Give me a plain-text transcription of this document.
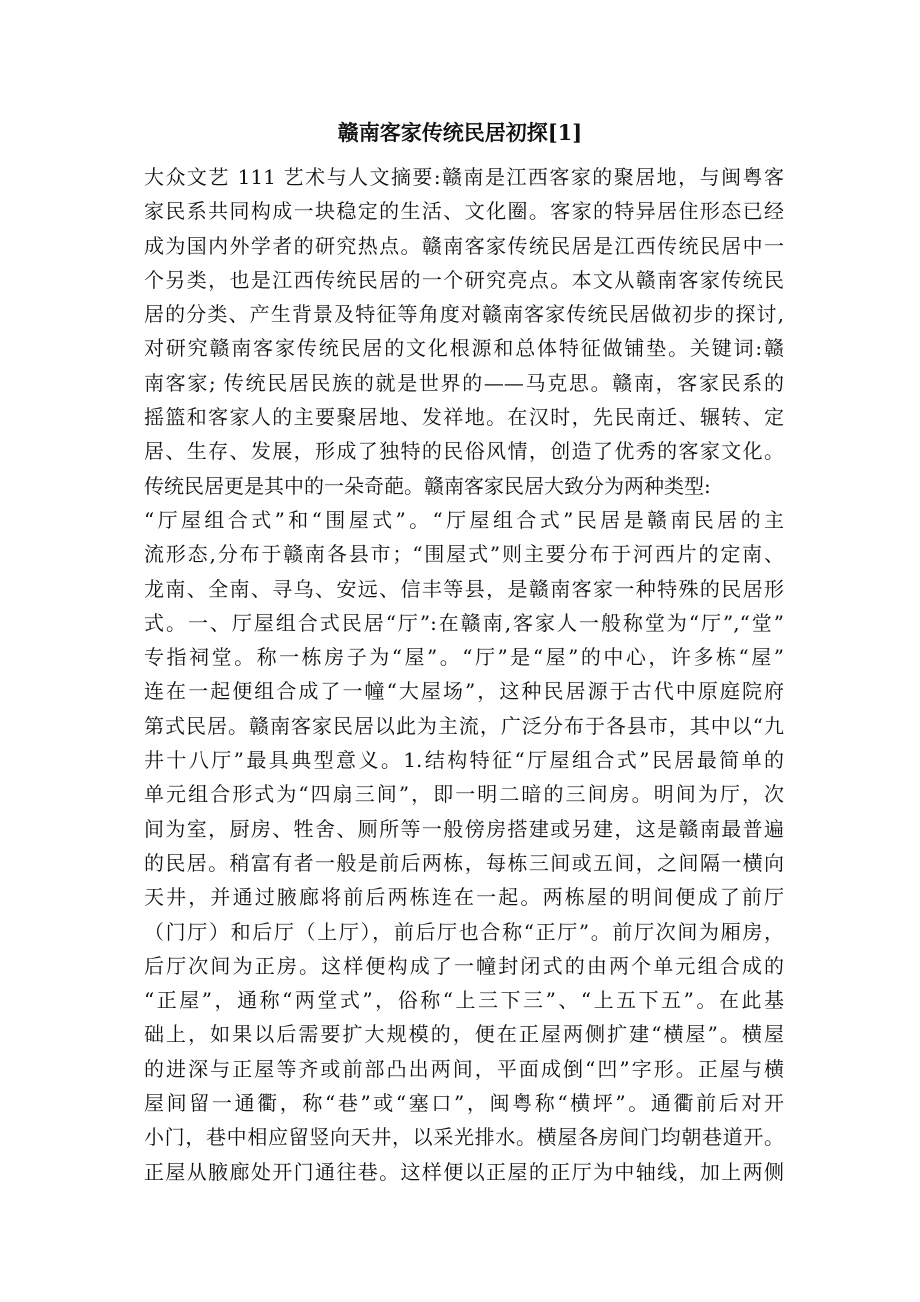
赣南客家传统民居初探[1]
大众文艺 111 艺术与人文摘要:赣南是江西客家的聚居地，与闽粤客
家民系共同构成一块稳定的生活、文化圈。客家的特异居住形态已经
成为国内外学者的研究热点。赣南客家传统民居是江西传统民居中一
个另类，也是江西传统民居的一个研究亮点。本文从赣南客家传统民
居的分类、产生背景及特征等角度对赣南客家传统民居做初步的探讨,
对研究赣南客家传统民居的文化根源和总体特征做铺垫。关键词:赣
南客家; 传统民居民族的就是世界的——马克思。赣南，客家民系的
摇篮和客家人的主要聚居地、发祥地。在汉时，先民南迁、辗转、定
居、生存、发展，形成了独特的民俗风情，创造了优秀的客家文化。
传统民居更是其中的一朵奇葩。赣南客家民居大致分为两种类型:
“厅屋组合式”和“围屋式”。“厅屋组合式”民居是赣南民居的主
流形态,分布于赣南各县市；“围屋式”则主要分布于河西片的定南、
龙南、全南、寻乌、安远、信丰等县，是赣南客家一种特殊的民居形
式。一、厅屋组合式民居“厅”:在赣南,客家人一般称堂为“厅”,“堂”
专指祠堂。称一栋房子为“屋”。“厅”是“屋”的中心，许多栋“屋”
连在一起便组合成了一幢“大屋场”，这种民居源于古代中原庭院府
第式民居。赣南客家民居以此为主流，广泛分布于各县市，其中以“九
井十八厅”最具典型意义。1.结构特征“厅屋组合式”民居最简单的
单元组合形式为“四扇三间”，即一明二暗的三间房。明间为厅，次
间为室，厨房、牲舍、厕所等一般傍房搭建或另建，这是赣南最普遍
的民居。稍富有者一般是前后两栋，每栋三间或五间，之间隔一横向
天井，并通过腋廊将前后两栋连在一起。两栋屋的明间便成了前厅
（门厅）和后厅（上厅），前后厅也合称“正厅”。前厅次间为厢房，
后厅次间为正房。这样便构成了一幢封闭式的由两个单元组合成的
“正屋”，通称“两堂式”，俗称“上三下三”、“上五下五”。在此基
础上，如果以后需要扩大规模的，便在正屋两侧扩建“横屋”。横屋
的进深与正屋等齐或前部凸出两间，平面成倒“凹”字形。正屋与横
屋间留一通衢，称“巷”或“塞口”，闽粤称“横坪”。通衢前后对开
小门，巷中相应留竖向天井，以采光排水。横屋各房间门均朝巷道开。
正屋从腋廊处开门通往巷。这样便以正屋的正厅为中轴线，加上两侧
